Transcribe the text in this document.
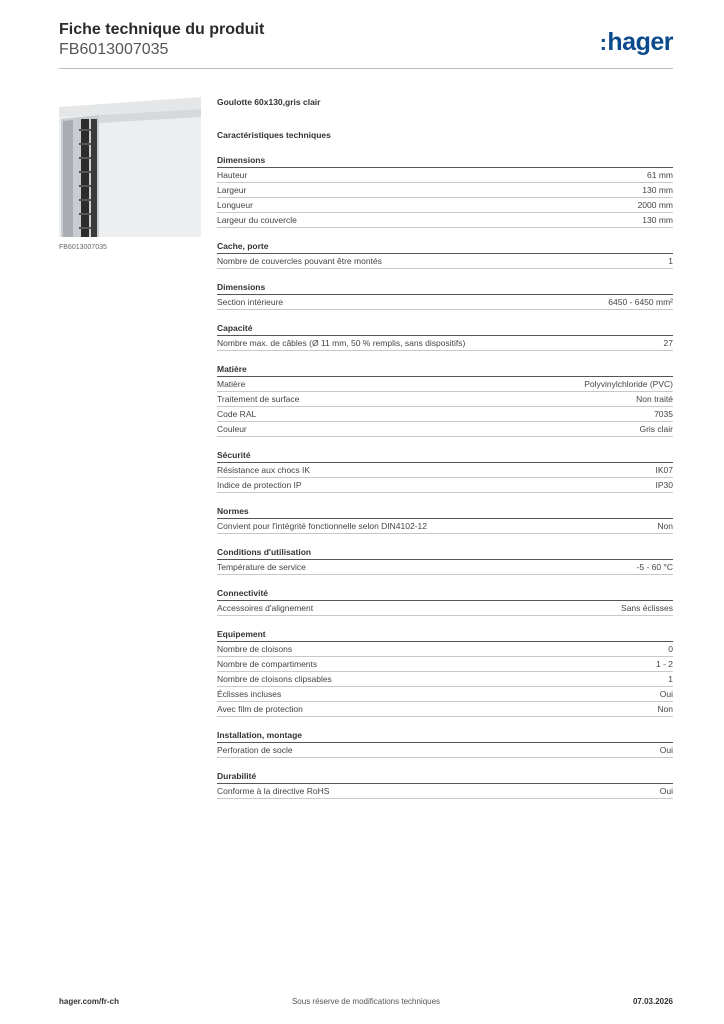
Fiche technique du produit
FB6013007035	:hager
FB6013007035
Goulotte 60x130,gris clair
Caractéristiques techniques
Dimensions
Hauteur	61 mm
Largeur	130 mm
Longueur	2000 mm
Largeur du couvercle	130 mm
Cache, porte
Nombre de couvercles pouvant être montés	1
Dimensions
Section intérieure	6450 - 6450 mm²
Capacité
Nombre max. de câbles (Ø 11 mm, 50 % remplis, sans dispositifs)	27
Matière
Matière	Polyvinylchloride (PVC)
Traitement de surface	Non traité
Code RAL	7035
Couleur	Gris clair
Sécurité
Résistance aux chocs IK	IK07
Indice de protection IP	IP30
Normes
Convient pour l'intégrité fonctionnelle selon DIN4102-12	Non
Conditions d'utilisation
Température de service	-5 - 60 °C
Connectivité
Accessoires d'alignement	Sans éclisses
Equipement
Nombre de cloisons	0
Nombre de compartiments	1 - 2
Nombre de cloisons clipsables	1
Éclisses incluses	Oui
Avec film de protection	Non
Installation, montage
Perforation de socle	Oui
Durabilité
Conforme à la directive RoHS	Oui
hager.com/fr-ch	Sous réserve de modifications techniques	07.03.2026
